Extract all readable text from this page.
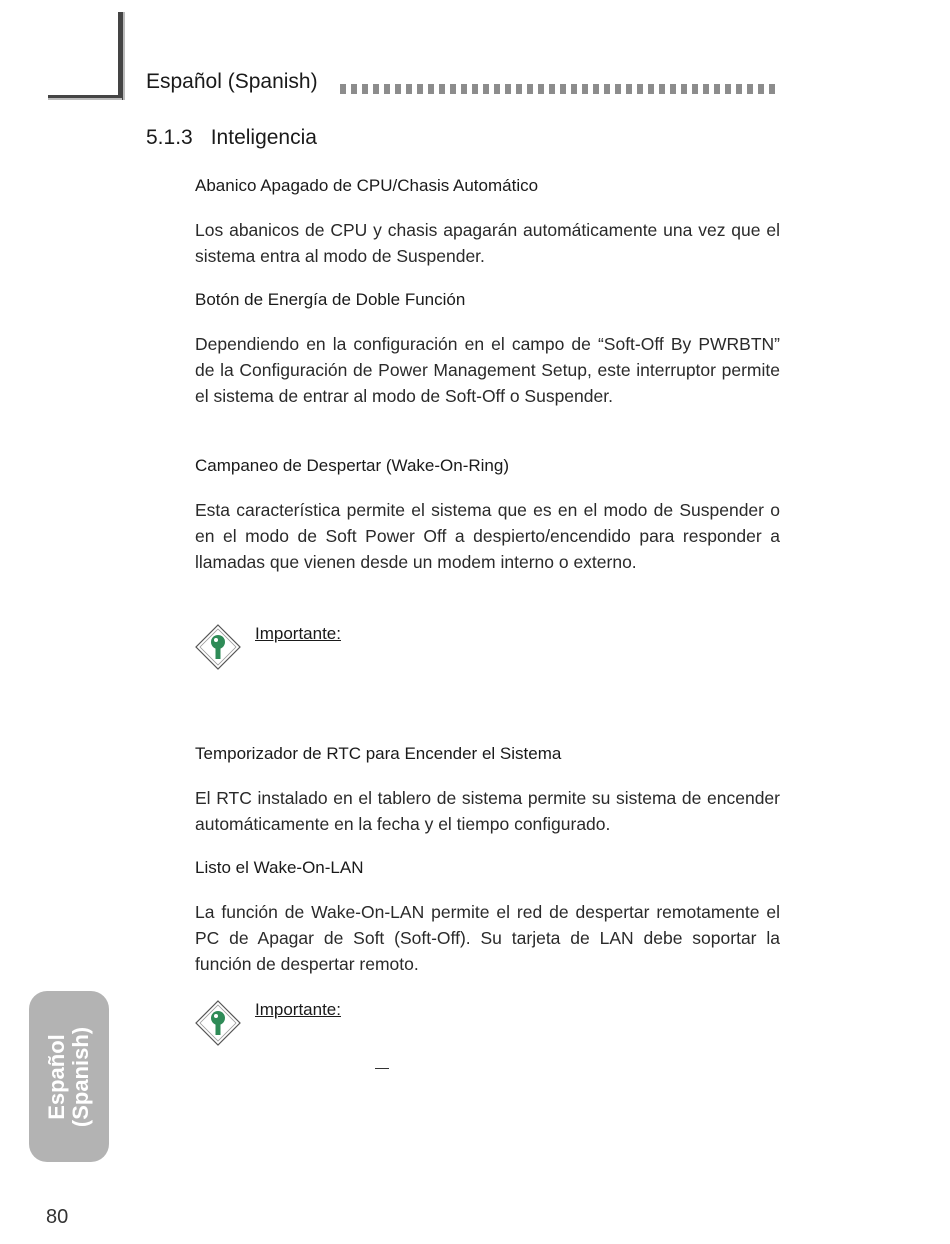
Español (Spanish)
5.1.3 Inteligencia

Abanico Apagado de CPU/Chasis Automático

Los abanicos de CPU y chasis apagarán automáticamente una vez que el sistema entra al modo de Suspender.

Botón de Energía de Doble Función

Dependiendo en la configuración en el campo de “Soft-Off By PWRBTN” de la Configuración de Power Management Setup, este interruptor permite el sistema de entrar al modo de Soft-Off o Suspender.

Campaneo de Despertar (Wake-On-Ring)

Esta característica permite el sistema que es en el modo de Suspender o en el modo de Soft Power Off a despierto/encendido para responder a llamadas que vienen desde un modem interno o externo.

Importante:

Temporizador de RTC para Encender el Sistema

El RTC instalado en el tablero de sistema permite su sistema de encender automáticamente en la fecha y el tiempo configurado.

Listo el Wake-On-LAN

La función de Wake-On-LAN permite el red de despertar remotamente el PC de Apagar de Soft (Soft-Off). Su tarjeta de LAN debe soportar la función de despertar remoto.

Importante:
Español (Spanish)
80
